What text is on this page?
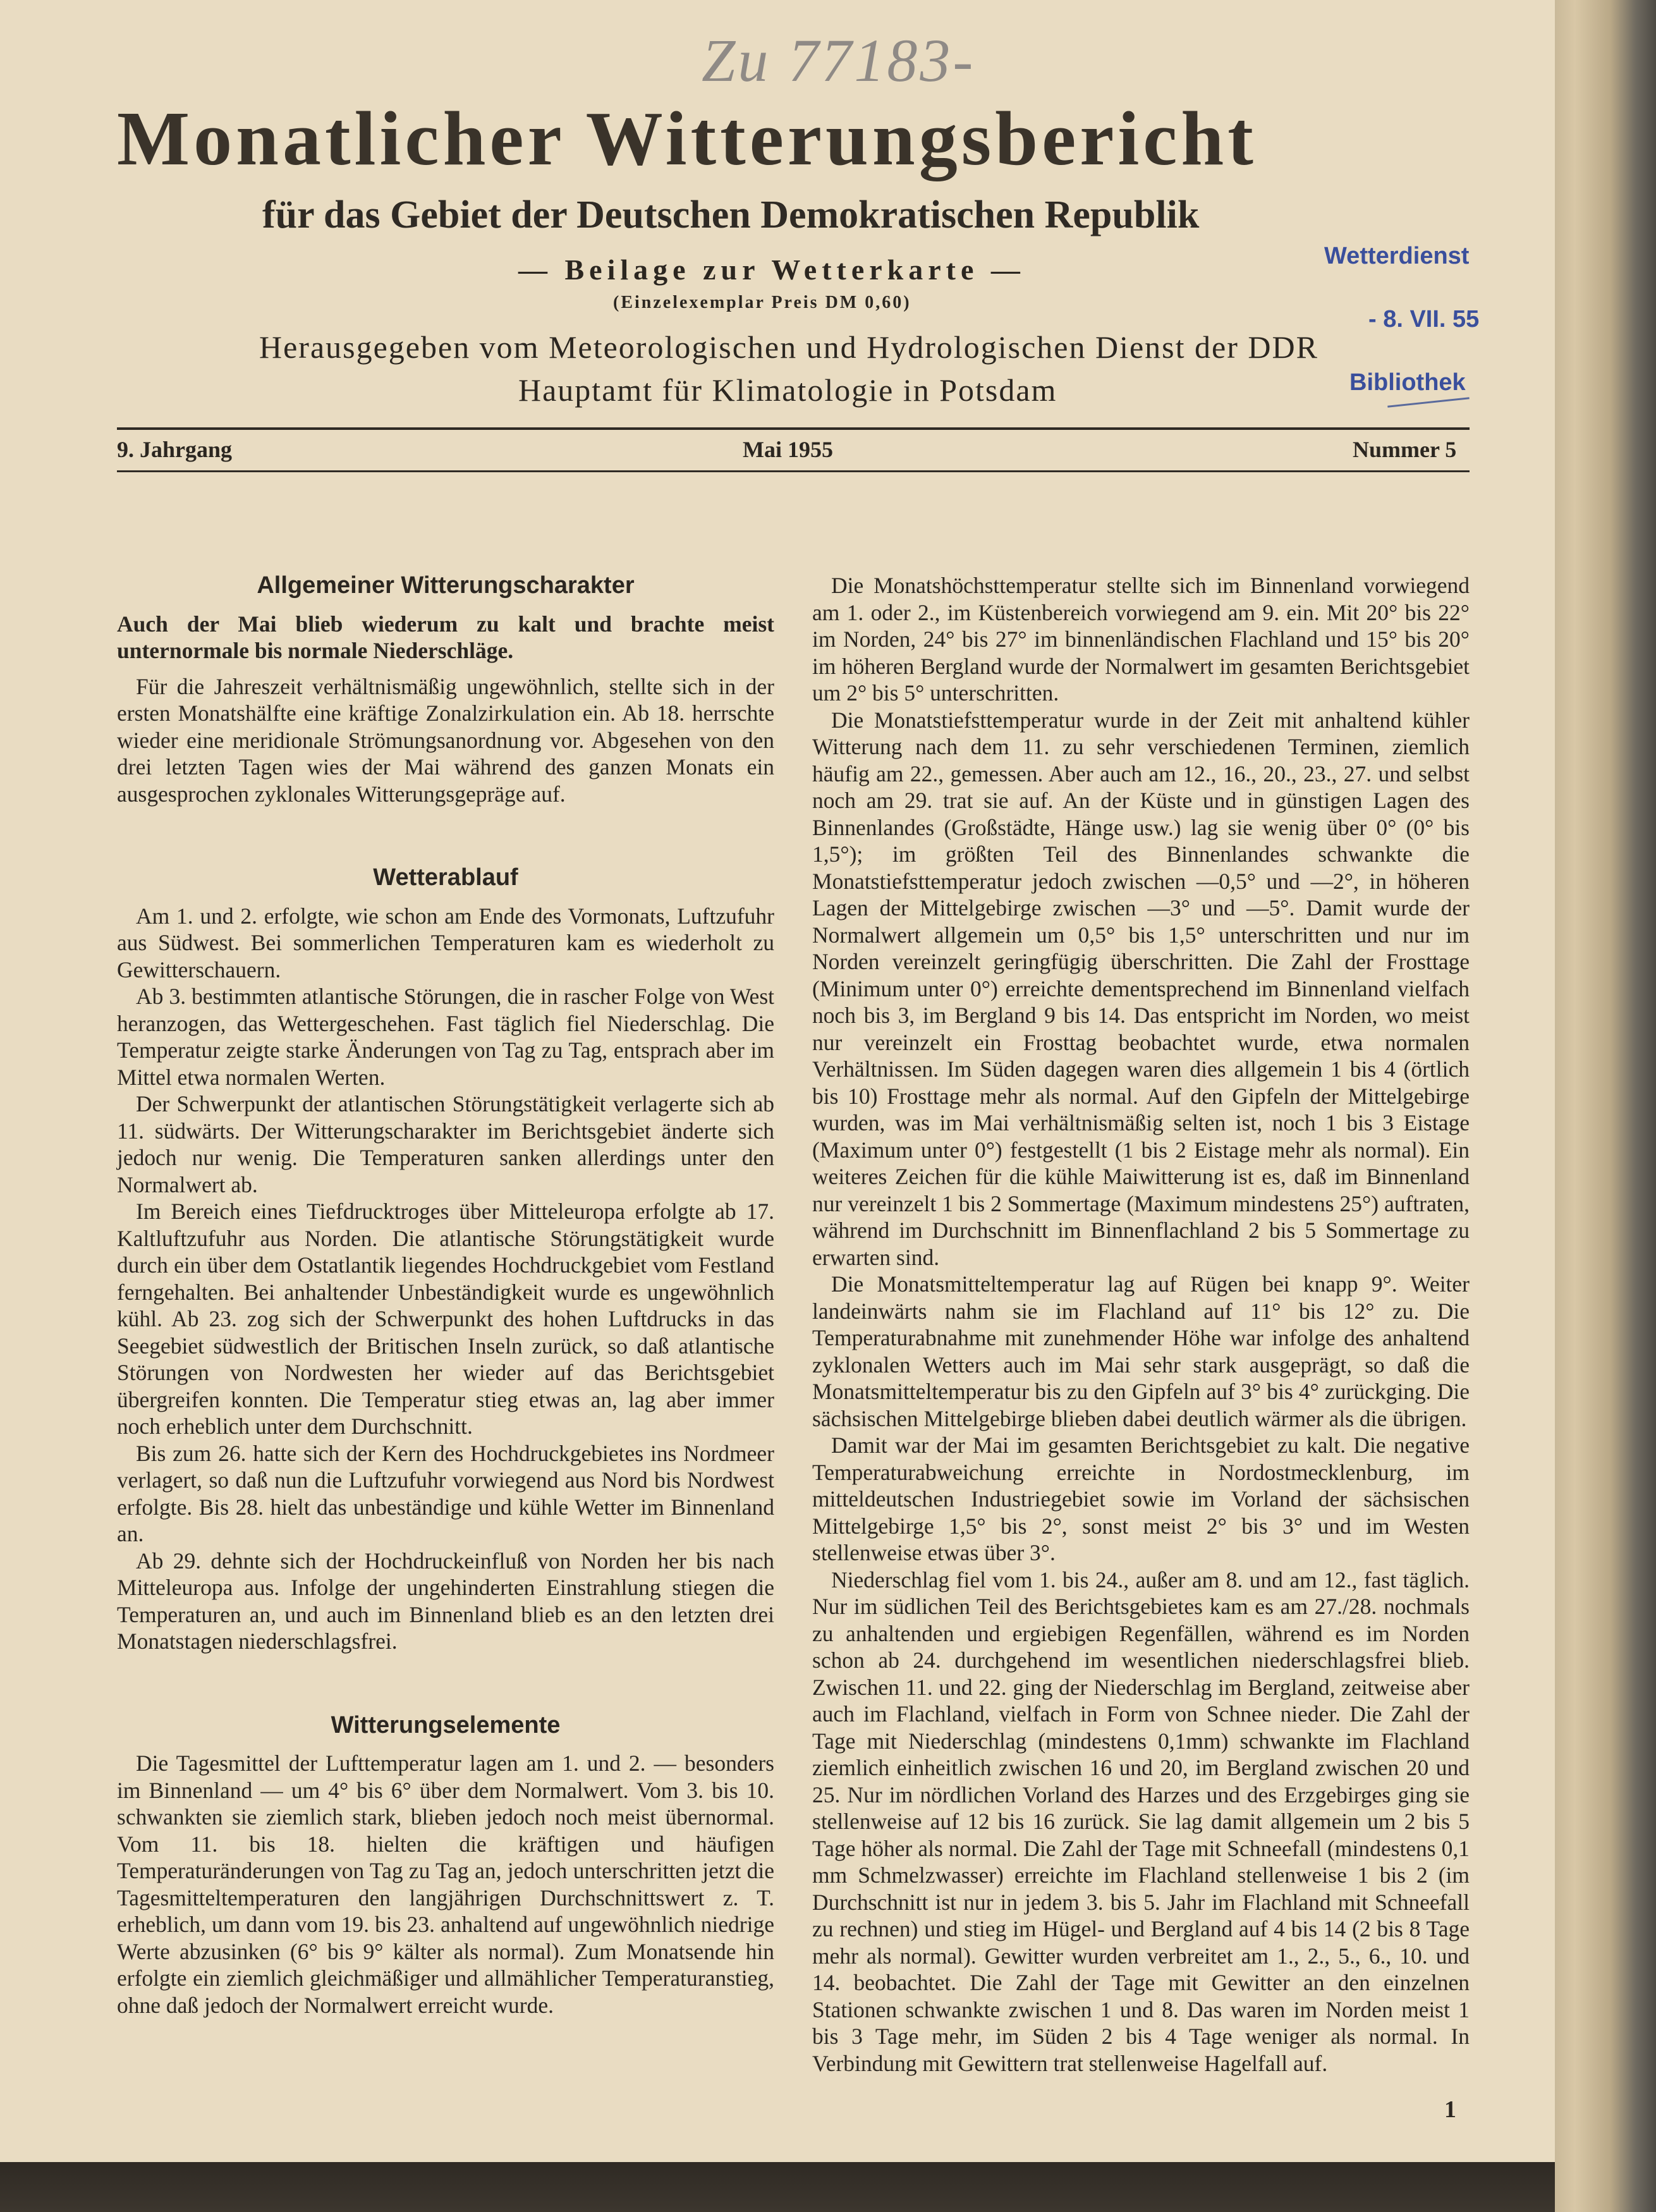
Zu 77183-
Monatlicher Witterungsbericht
für das Gebiet der Deutschen Demokratischen Republik
— Beilage zur Wetterkarte —
(Einzelexemplar Preis DM 0,60)
Herausgegeben vom Meteorologischen und Hydrologischen Dienst der DDR
Hauptamt für Klimatologie in Potsdam
Wetterdienst
- 8. VII. 55
Bibliothek
9. Jahrgang	Mai 1955	Nummer 5
Allgemeiner Witterungscharakter

Auch der Mai blieb wiederum zu kalt und brachte meist unternormale bis normale Niederschläge.

Für die Jahreszeit verhältnismäßig ungewöhnlich, stellte sich in der ersten Monatshälfte eine kräftige Zonalzirkulation ein. Ab 18. herrschte wieder eine meridionale Strömungsanordnung vor. Abgesehen von den drei letzten Tagen wies der Mai während des ganzen Monats ein ausgesprochen zyklonales Witterungsgepräge auf.

Wetterablauf

Am 1. und 2. erfolgte, wie schon am Ende des Vormonats, Luftzufuhr aus Südwest. Bei sommerlichen Temperaturen kam es wiederholt zu Gewitterschauern.

Ab 3. bestimmten atlantische Störungen, die in rascher Folge von West heranzogen, das Wettergeschehen. Fast täglich fiel Niederschlag. Die Temperatur zeigte starke Änderungen von Tag zu Tag, entsprach aber im Mittel etwa normalen Werten.

Der Schwerpunkt der atlantischen Störungstätigkeit verlagerte sich ab 11. südwärts. Der Witterungscharakter im Berichtsgebiet änderte sich jedoch nur wenig. Die Temperaturen sanken allerdings unter den Normalwert ab.

Im Bereich eines Tiefdrucktroges über Mitteleuropa erfolgte ab 17. Kaltluftzufuhr aus Norden. Die atlantische Störungstätigkeit wurde durch ein über dem Ostatlantik liegendes Hochdruckgebiet vom Festland ferngehalten. Bei anhaltender Unbeständigkeit wurde es ungewöhnlich kühl. Ab 23. zog sich der Schwerpunkt des hohen Luftdrucks in das Seegebiet südwestlich der Britischen Inseln zurück, so daß atlantische Störungen von Nordwesten her wieder auf das Berichtsgebiet übergreifen konnten. Die Temperatur stieg etwas an, lag aber immer noch erheblich unter dem Durchschnitt.

Bis zum 26. hatte sich der Kern des Hochdruckgebietes ins Nordmeer verlagert, so daß nun die Luftzufuhr vorwiegend aus Nord bis Nordwest erfolgte. Bis 28. hielt das unbeständige und kühle Wetter im Binnenland an.

Ab 29. dehnte sich der Hochdruckeinfluß von Norden her bis nach Mitteleuropa aus. Infolge der ungehinderten Einstrahlung stiegen die Temperaturen an, und auch im Binnenland blieb es an den letzten drei Monatstagen niederschlagsfrei.

Witterungselemente

Die Tagesmittel der Lufttemperatur lagen am 1. und 2. — besonders im Binnenland — um 4° bis 6° über dem Normalwert. Vom 3. bis 10. schwankten sie ziemlich stark, blieben jedoch noch meist übernormal. Vom 11. bis 18. hielten die kräftigen und häufigen Temperaturänderungen von Tag zu Tag an, jedoch unterschritten jetzt die Tagesmitteltemperaturen den langjährigen Durchschnittswert z. T. erheblich, um dann vom 19. bis 23. anhaltend auf ungewöhnlich niedrige Werte abzusinken (6° bis 9° kälter als normal). Zum Monatsende hin erfolgte ein ziemlich gleichmäßiger und allmählicher Temperaturanstieg, ohne daß jedoch der Normalwert erreicht wurde.

Die Monatshöchsttemperatur stellte sich im Binnenland vorwiegend am 1. oder 2., im Küstenbereich vorwiegend am 9. ein. Mit 20° bis 22° im Norden, 24° bis 27° im binnenländischen Flachland und 15° bis 20° im höheren Bergland wurde der Normalwert im gesamten Berichtsgebiet um 2° bis 5° unterschritten.

Die Monatstiefsttemperatur wurde in der Zeit mit anhaltend kühler Witterung nach dem 11. zu sehr verschiedenen Terminen, ziemlich häufig am 22., gemessen. Aber auch am 12., 16., 20., 23., 27. und selbst noch am 29. trat sie auf. An der Küste und in günstigen Lagen des Binnenlandes (Großstädte, Hänge usw.) lag sie wenig über 0° (0° bis 1,5°); im größten Teil des Binnenlandes schwankte die Monatstiefsttemperatur jedoch zwischen —0,5° und —2°, in höheren Lagen der Mittelgebirge zwischen —3° und —5°. Damit wurde der Normalwert allgemein um 0,5° bis 1,5° unterschritten und nur im Norden vereinzelt geringfügig überschritten. Die Zahl der Frosttage (Minimum unter 0°) erreichte dementsprechend im Binnenland vielfach noch bis 3, im Bergland 9 bis 14. Das entspricht im Norden, wo meist nur vereinzelt ein Frosttag beobachtet wurde, etwa normalen Verhältnissen. Im Süden dagegen waren dies allgemein 1 bis 4 (örtlich bis 10) Frosttage mehr als normal. Auf den Gipfeln der Mittelgebirge wurden, was im Mai verhältnismäßig selten ist, noch 1 bis 3 Eistage (Maximum unter 0°) festgestellt (1 bis 2 Eistage mehr als normal). Ein weiteres Zeichen für die kühle Maiwitterung ist es, daß im Binnenland nur vereinzelt 1 bis 2 Sommertage (Maximum mindestens 25°) auftraten, während im Durchschnitt im Binnenflachland 2 bis 5 Sommertage zu erwarten sind.

Die Monatsmitteltemperatur lag auf Rügen bei knapp 9°. Weiter landeinwärts nahm sie im Flachland auf 11° bis 12° zu. Die Temperaturabnahme mit zunehmender Höhe war infolge des anhaltend zyklonalen Wetters auch im Mai sehr stark ausgeprägt, so daß die Monatsmitteltemperatur bis zu den Gipfeln auf 3° bis 4° zurückging. Die sächsischen Mittelgebirge blieben dabei deutlich wärmer als die übrigen.

Damit war der Mai im gesamten Berichtsgebiet zu kalt. Die negative Temperaturabweichung erreichte in Nordostmecklenburg, im mitteldeutschen Industriegebiet sowie im Vorland der sächsischen Mittelgebirge 1,5° bis 2°, sonst meist 2° bis 3° und im Westen stellenweise etwas über 3°.

Niederschlag fiel vom 1. bis 24., außer am 8. und am 12., fast täglich. Nur im südlichen Teil des Berichtsgebietes kam es am 27./28. nochmals zu anhaltenden und ergiebigen Regenfällen, während es im Norden schon ab 24. durchgehend im wesentlichen niederschlagsfrei blieb. Zwischen 11. und 22. ging der Niederschlag im Bergland, zeitweise aber auch im Flachland, vielfach in Form von Schnee nieder. Die Zahl der Tage mit Niederschlag (mindestens 0,1mm) schwankte im Flachland ziemlich einheitlich zwischen 16 und 20, im Bergland zwischen 20 und 25. Nur im nördlichen Vorland des Harzes und des Erzgebirges ging sie stellenweise auf 12 bis 16 zurück. Sie lag damit allgemein um 2 bis 5 Tage höher als normal. Die Zahl der Tage mit Schneefall (mindestens 0,1 mm Schmelzwasser) erreichte im Flachland stellenweise 1 bis 2 (im Durchschnitt ist nur in jedem 3. bis 5. Jahr im Flachland mit Schneefall zu rechnen) und stieg im Hügel- und Bergland auf 4 bis 14 (2 bis 8 Tage mehr als normal). Gewitter wurden verbreitet am 1., 2., 5., 6., 10. und 14. beobachtet. Die Zahl der Tage mit Gewitter an den einzelnen Stationen schwankte zwischen 1 und 8. Das waren im Norden meist 1 bis 3 Tage mehr, im Süden 2 bis 4 Tage weniger als normal. In Verbindung mit Gewittern trat stellenweise Hagelfall auf.

1
